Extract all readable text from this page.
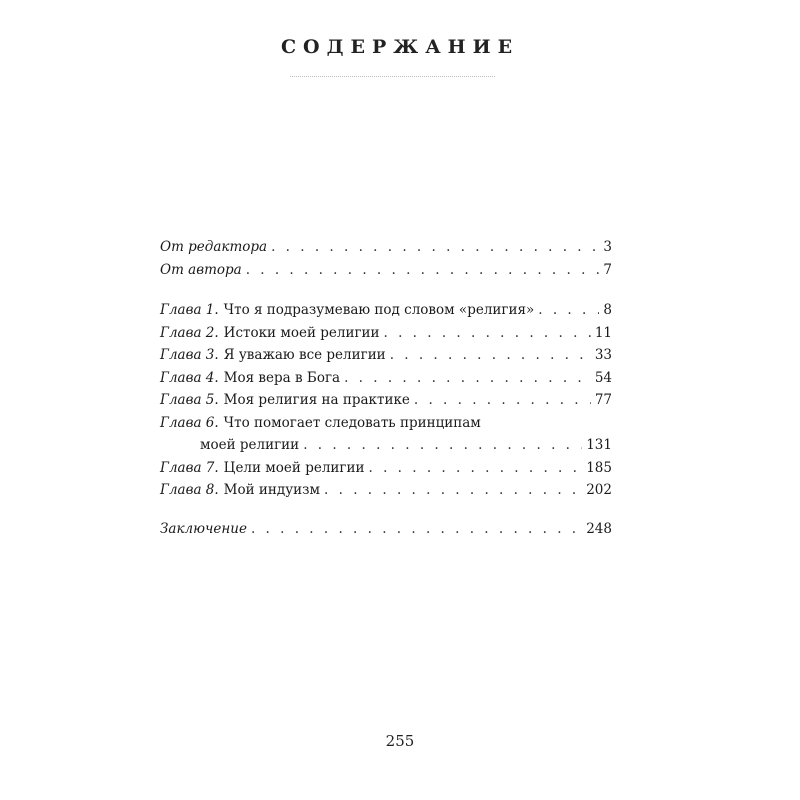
СОДЕРЖАНИЕ
От редактора . . .	3
От автора . . .	7
Глава 1. Что я подразумеваю под словом «религия» . . .	8
Глава 2. Истоки моей религии . . .	11
Глава 3. Я уважаю все религии . . .	33
Глава 4. Моя вера в Бога . . .	54
Глава 5. Моя религия на практике . . .	77
Глава 6. Что помогает следовать принципам
моей религии . . .	131
Глава 7. Цели моей религии . . .	185
Глава 8. Мой индуизм . . .	202
Заключение . . .	248
255
